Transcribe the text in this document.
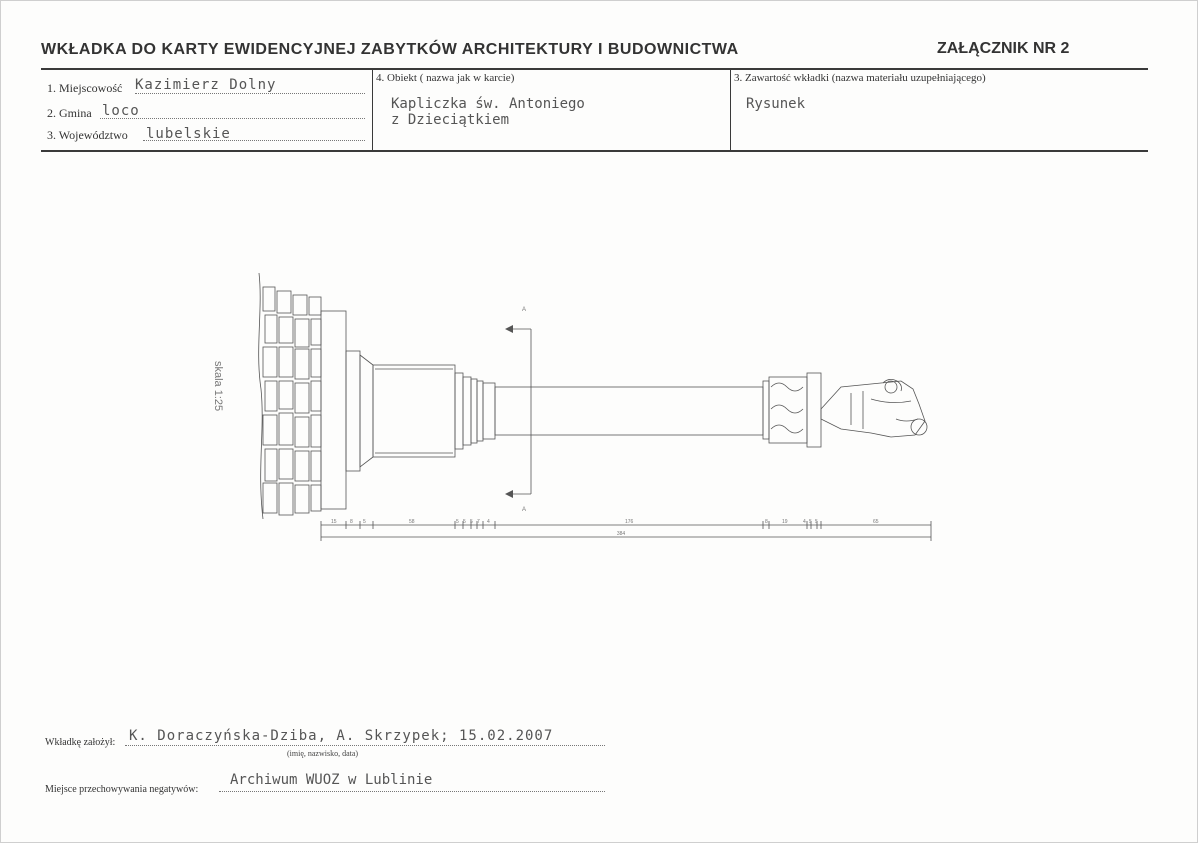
WKŁADKA DO KARTY EWIDENCYJNEJ ZABYTKÓW ARCHITEKTURY I BUDOWNICTWA	ZAŁĄCZNIK NR 2
1. Miejscowość Kazimierz Dolny
2. Gmina loco
3. Województwo lubelskie
4. Obiekt ( nazwa jak w karcie)
Kapliczka św. Antoniego
z Dzieciątkiem
3. Zawartość wkładki (nazwa materiału uzupełniającego)
Rysunek
A
A
skala 1:25
384
15	8 5	58	5 5 5 7 4	176	8	19	4 5 5	65
Wkładkę założył: K. Doraczyńska-Dziba, A. Skrzypek; 15.02.2007
(imię, nazwisko, data)
Miejsce przechowywania negatywów:
Archiwum WUOZ w Lublinie
